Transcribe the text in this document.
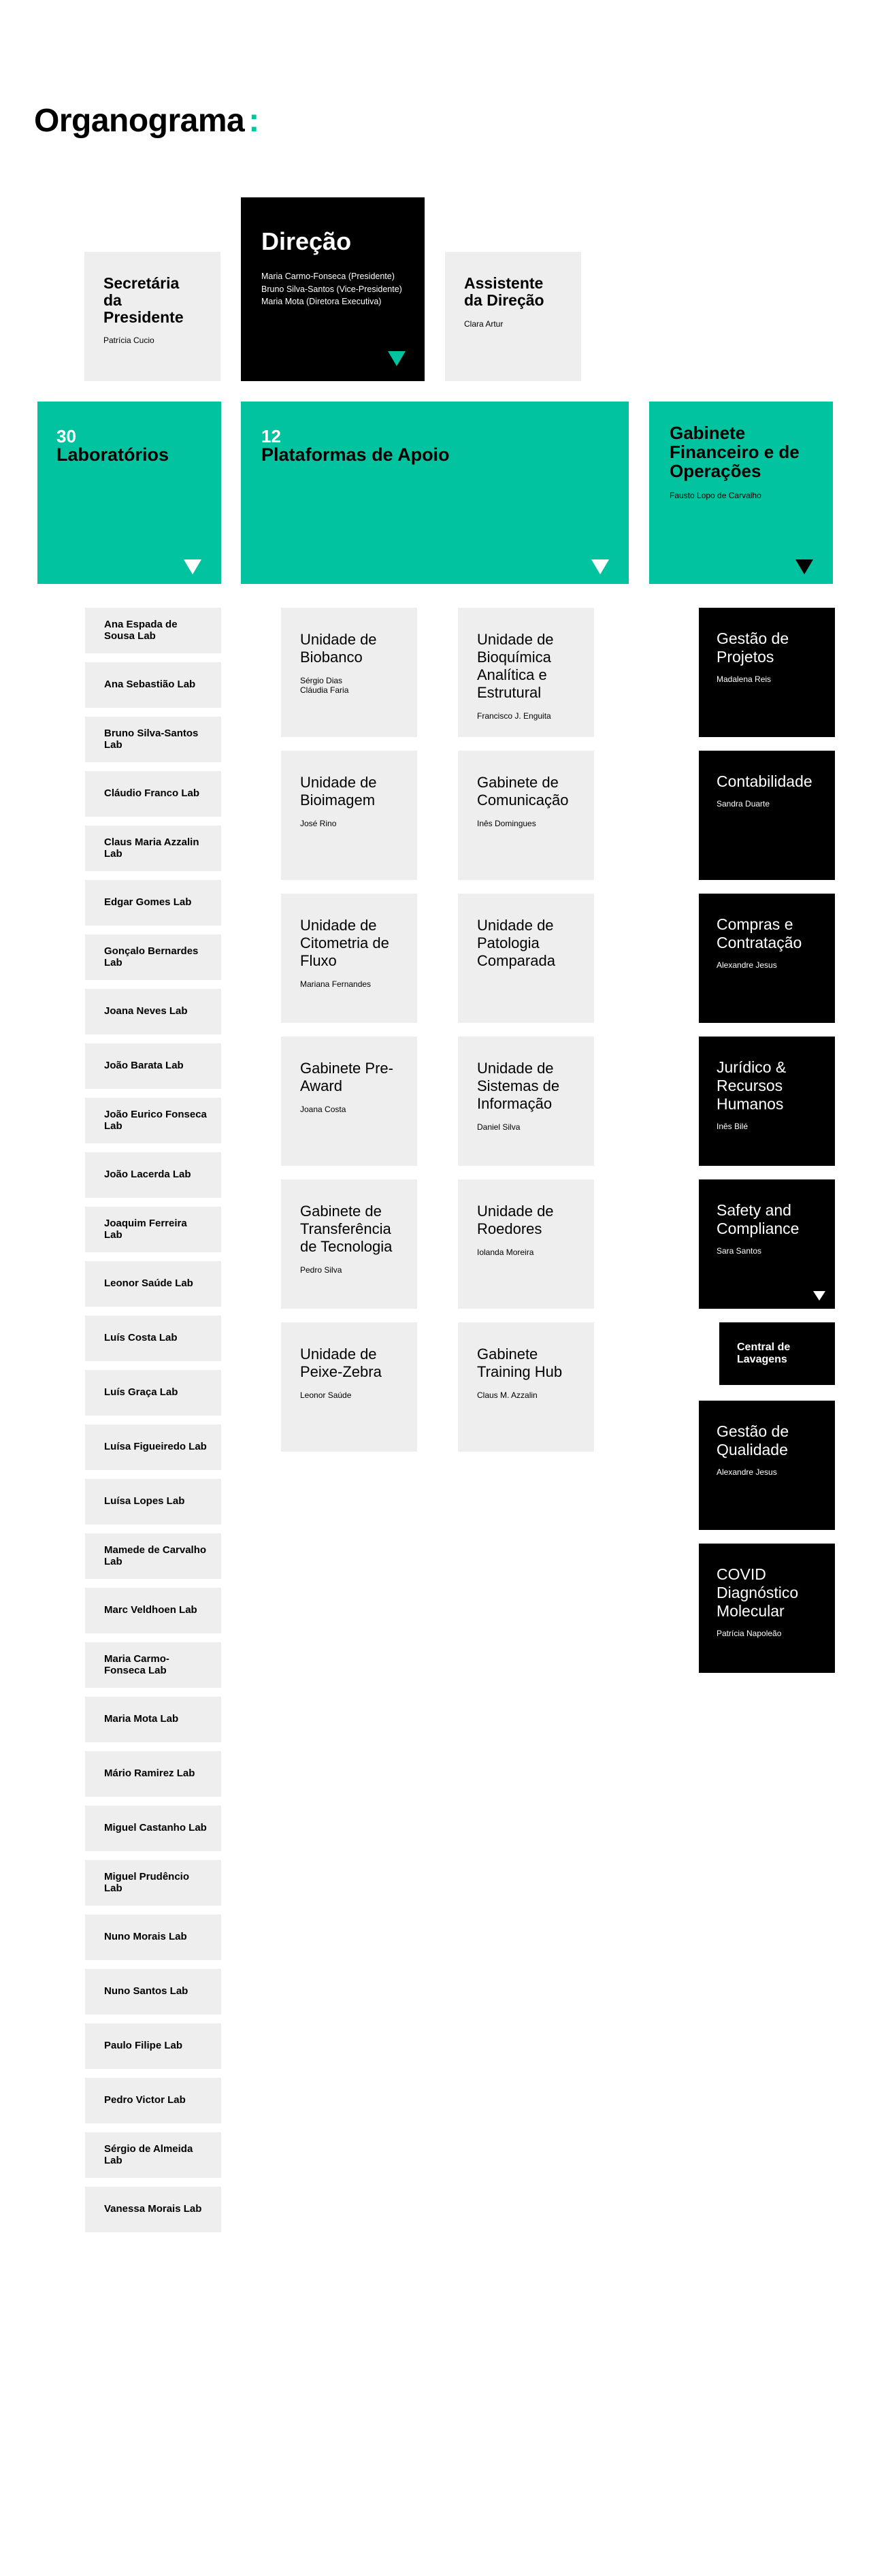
Organograma :
Secretária da Presidente
Patrícia Cucio
Direção
Maria Carmo-Fonseca (Presidente)
Bruno Silva-Santos (Vice-Presidente)
Maria Mota (Diretora Executiva)
Assistente da Direção
Clara Artur
30
Laboratórios
12
Plataformas de Apoio
Gabinete Financeiro e de Operações
Fausto Lopo de Carvalho
Ana Espada de Sousa Lab
Ana Sebastião Lab
Bruno Silva-Santos Lab
Cláudio Franco Lab
Claus Maria Azzalin Lab
Edgar Gomes Lab
Gonçalo Bernardes Lab
Joana Neves Lab
João Barata Lab
João Eurico Fonseca Lab
João Lacerda Lab
Joaquim Ferreira Lab
Leonor Saúde Lab
Luís Costa Lab
Luís Graça Lab
Luísa Figueiredo Lab
Luísa Lopes Lab
Mamede de Carvalho Lab
Marc Veldhoen Lab
Maria Carmo-Fonseca Lab
Maria Mota Lab
Mário Ramirez Lab
Miguel Castanho Lab
Miguel Prudêncio Lab
Nuno Morais Lab
Nuno Santos Lab
Paulo Filipe Lab
Pedro Victor Lab
Sérgio de Almeida Lab
Vanessa Morais Lab
Unidade de Biobanco
Sérgio Dias
Cláudia Faria
Unidade de Bioquímica Analítica e Estrutural
Francisco J. Enguita
Unidade de Bioimagem
José Rino
Gabinete de Comunicação
Inês Domingues
Unidade de Citometria de Fluxo
Mariana Fernandes
Unidade de Patologia Comparada
Gabinete Pre-Award
Joana Costa
Unidade de Sistemas de Informação
Daniel Silva
Gabinete de Transferência de Tecnologia
Pedro Silva
Unidade de Roedores
Iolanda Moreira
Unidade de Peixe-Zebra
Leonor Saúde
Gabinete Training Hub
Claus M. Azzalin
Gestão de Projetos
Madalena Reis
Contabilidade
Sandra Duarte
Compras e Contratação
Alexandre Jesus
Jurídico & Recursos Humanos
Inês Bilé
Safety and Compliance
Sara Santos
Central de Lavagens
Gestão de Qualidade
Alexandre Jesus
COVID Diagnóstico Molecular
Patrícia Napoleão
